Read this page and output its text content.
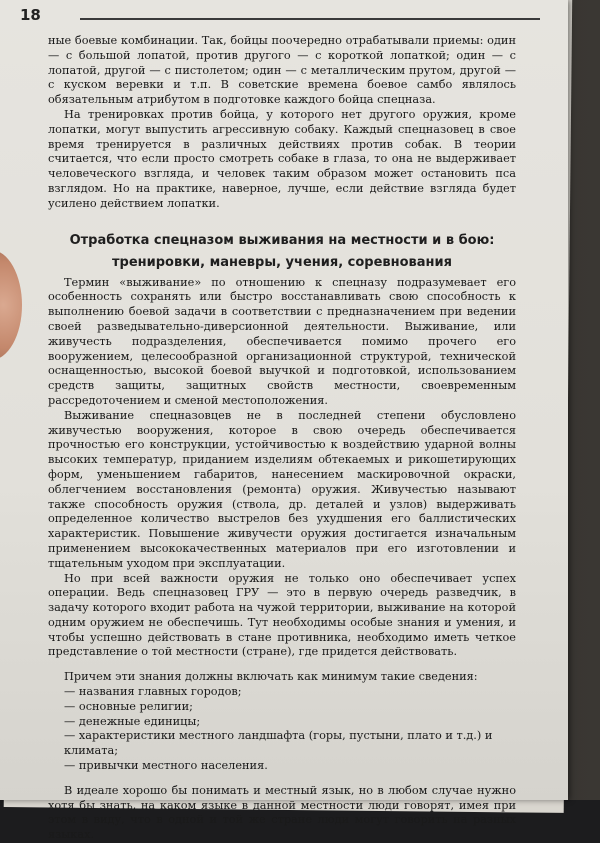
18

ные боевые комбинации. Так, бойцы поочередно отрабатывали приемы: один — с большой лопатой, против другого — с короткой лопаткой; один — с лопатой, другой — с пистолетом; один — с металлическим прутом, другой — с куском веревки и т.п. В советские времена боевое самбо являлось обязательным атрибутом в подготовке каждого бойца спецназа.

На тренировках против бойца, у которого нет другого оружия, кроме лопатки, могут выпустить агрессивную собаку. Каждый спецназовец в свое время тренируется в различных действиях против собак. В теории считается, что если просто смотреть собаке в глаза, то она не выдерживает человеческого взгляда, и человек таким образом может остановить пса взглядом. Но на практике, наверное, лучше, если действие взгляда будет усилено действием лопатки.

Отработка спецназом выживания на местности и в бою:
тренировки, маневры, учения, соревнования

Термин «выживание» по отношению к спецназу подразумевает его особенность сохранять или быстро восстанавливать свою способность к выполнению боевой задачи в соответствии с предназначением при ведении своей разведывательно-диверсионной деятельности. Выживание, или живучесть подразделения, обеспечивается помимо прочего его вооружением, целесообразной организационной структурой, технической оснащенностью, высокой боевой выучкой и подготовкой, использованием средств защиты, защитных свойств местности, своевременным рассредоточением и сменой местоположения.

Выживание спецназовцев не в последней степени обусловлено живучестью вооружения, которое в свою очередь обеспечивается прочностью его конструкции, устойчивостью к воздействию ударной волны высоких температур, приданием изделиям обтекаемых и рикошетирующих форм, уменьшением габаритов, нанесением маскировочной окраски, облегчением восстановления (ремонта) оружия. Живучестью называют также способность оружия (ствола, др. деталей и узлов) выдерживать определенное количество выстрелов без ухудшения его баллистических характеристик. Повышение живучести оружия достигается изначальным применением высококачественных материалов при его изготовлении и тщательным уходом при эксплуатации.

Но при всей важности оружия не только оно обеспечивает успех операции. Ведь спецназовец ГРУ — это в первую очередь разведчик, в задачу которого входит работа на чужой территории, выживание на которой одним оружием не обеспечишь. Тут необходимы особые знания и умения, и чтобы успешно действовать в стане противника, необходимо иметь четкое представление о той местности (стране), где придется действовать.

Причем эти знания должны включать как минимум такие сведения:

— названия главных городов;
— основные религии;
— денежные единицы;
— характеристики местного ландшафта (горы, пустыни, плато и т.д.) и климата;
— привычки местного населения.

В идеале хорошо бы понимать и местный язык, но в любом случае нужно хотя бы знать, на каком языке в данной местности люди говорят, имея при этом в виду, что в одной и той же стране люди могут говорить на разных языках.
